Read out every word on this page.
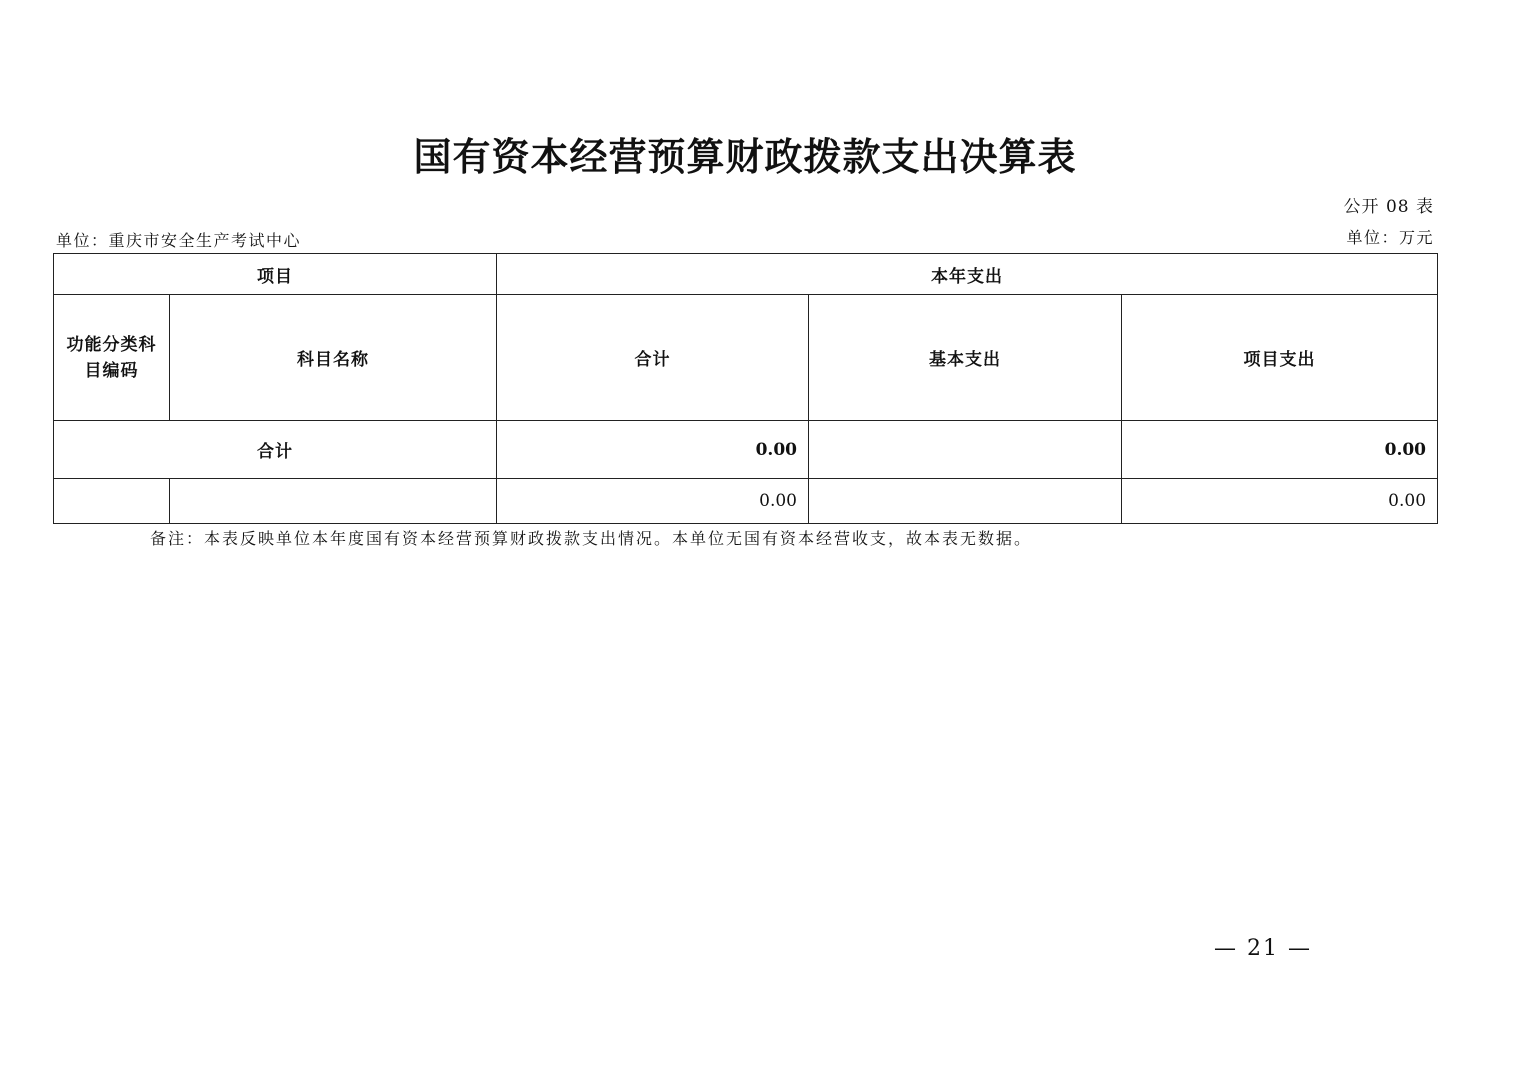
国有资本经营预算财政拨款支出决算表
公开 08 表
单位：重庆市安全生产考试中心	单位：万元
项目		本年支出		

功能分类科
目编码	科目名称	合计	基本支出	项目支出
合计		0.00		0.00
		0.00		0.00
备注：本表反映单位本年度国有资本经营预算财政拨款支出情况。本单位无国有资本经营收支，故本表无数据。
— 21 —
